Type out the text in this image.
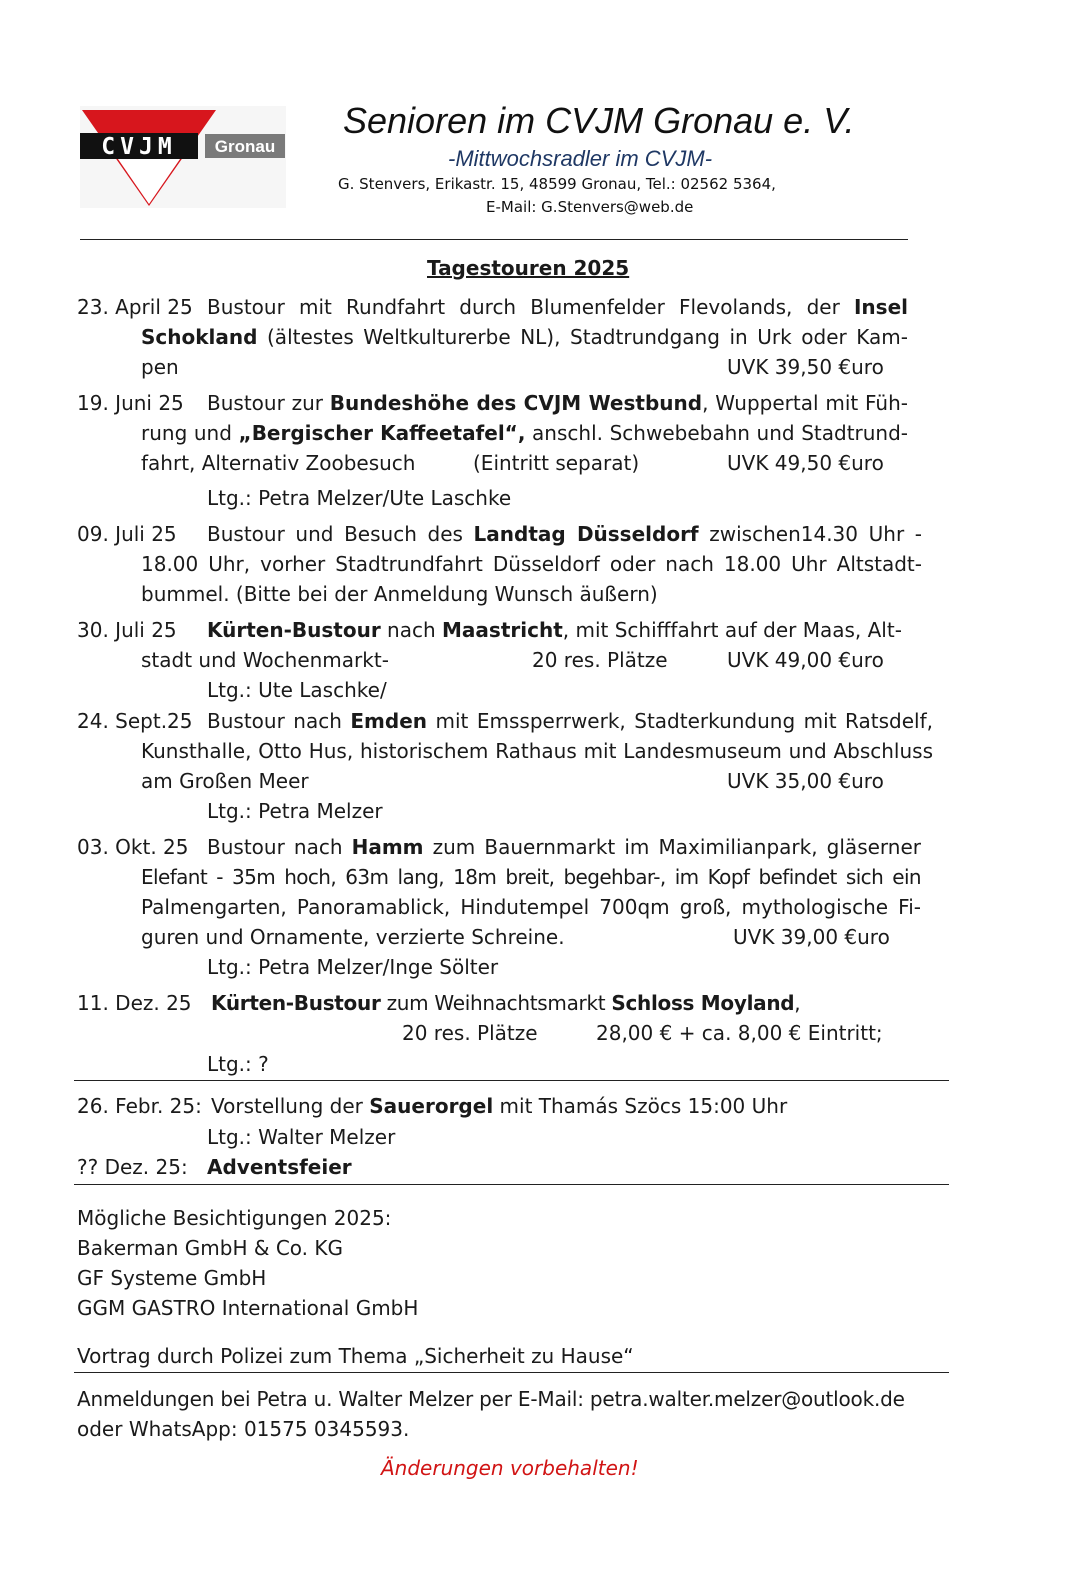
CVJM Gronau
Senioren im CVJM Gronau e. V.
-Mittwochsradler im CVJM-
G. Stenvers, Erikastr. 15, 48599 Gronau, Tel.: 02562 5364,
E-Mail: G.Stenvers@web.de
Tagestouren 2025
23. April 25 Bustour mit Rundfahrt durch Blumenfelder Flevolands, der Insel
Schokland (ältestes Weltkulturerbe NL), Stadtrundgang in Urk oder Kam-
pen	UVK 39,50 €uro
19. Juni 25 Bustour zur Bundeshöhe des CVJM Westbund, Wuppertal mit Füh-
rung und „Bergischer Kaffeetafel“, anschl. Schwebebahn und Stadtrund-
fahrt, Alternativ Zoobesuch	(Eintritt separat)	UVK 49,50 €uro
Ltg.: Petra Melzer/Ute Laschke
09. Juli 25 Bustour und Besuch des Landtag Düsseldorf zwischen14.30 Uhr -
18.00 Uhr, vorher Stadtrundfahrt Düsseldorf oder nach 18.00 Uhr Altstadt-
bummel. (Bitte bei der Anmeldung Wunsch äußern)
30. Juli 25 Kürten-Bustour nach Maastricht, mit Schifffahrt auf der Maas, Alt-
stadt und Wochenmarkt-	20 res. Plätze	UVK 49,00 €uro
Ltg.: Ute Laschke/
24. Sept.25 Bustour nach Emden mit Emssperrwerk, Stadterkundung mit Ratsdelf,
Kunsthalle, Otto Hus, historischem Rathaus mit Landesmuseum und Abschluss
am Großen Meer	UVK 35,00 €uro
Ltg.: Petra Melzer
03. Okt. 25 Bustour nach Hamm zum Bauernmarkt im Maximilianpark, gläserner
Elefant - 35m hoch, 63m lang, 18m breit, begehbar-, im Kopf befindet sich ein
Palmengarten, Panoramablick, Hindutempel 700qm groß, mythologische Fi-
guren und Ornamente, verzierte Schreine.	UVK 39,00 €uro
Ltg.: Petra Melzer/Inge Sölter
11. Dez. 25 Kürten-Bustour zum Weihnachtsmarkt Schloss Moyland,
20 res. Plätze	28,00 € + ca. 8,00 € Eintritt;
Ltg.: ?
26. Febr. 25: Vorstellung der Sauerorgel mit Thamás Szöcs 15:00 Uhr
Ltg.: Walter Melzer
?? Dez. 25: Adventsfeier
Mögliche Besichtigungen 2025:
Bakerman GmbH & Co. KG
GF Systeme GmbH
GGM GASTRO International GmbH
Vortrag durch Polizei zum Thema „Sicherheit zu Hause“
Anmeldungen bei Petra u. Walter Melzer per E-Mail: petra.walter.melzer@outlook.de
oder WhatsApp: 01575 0345593.
Änderungen vorbehalten!
